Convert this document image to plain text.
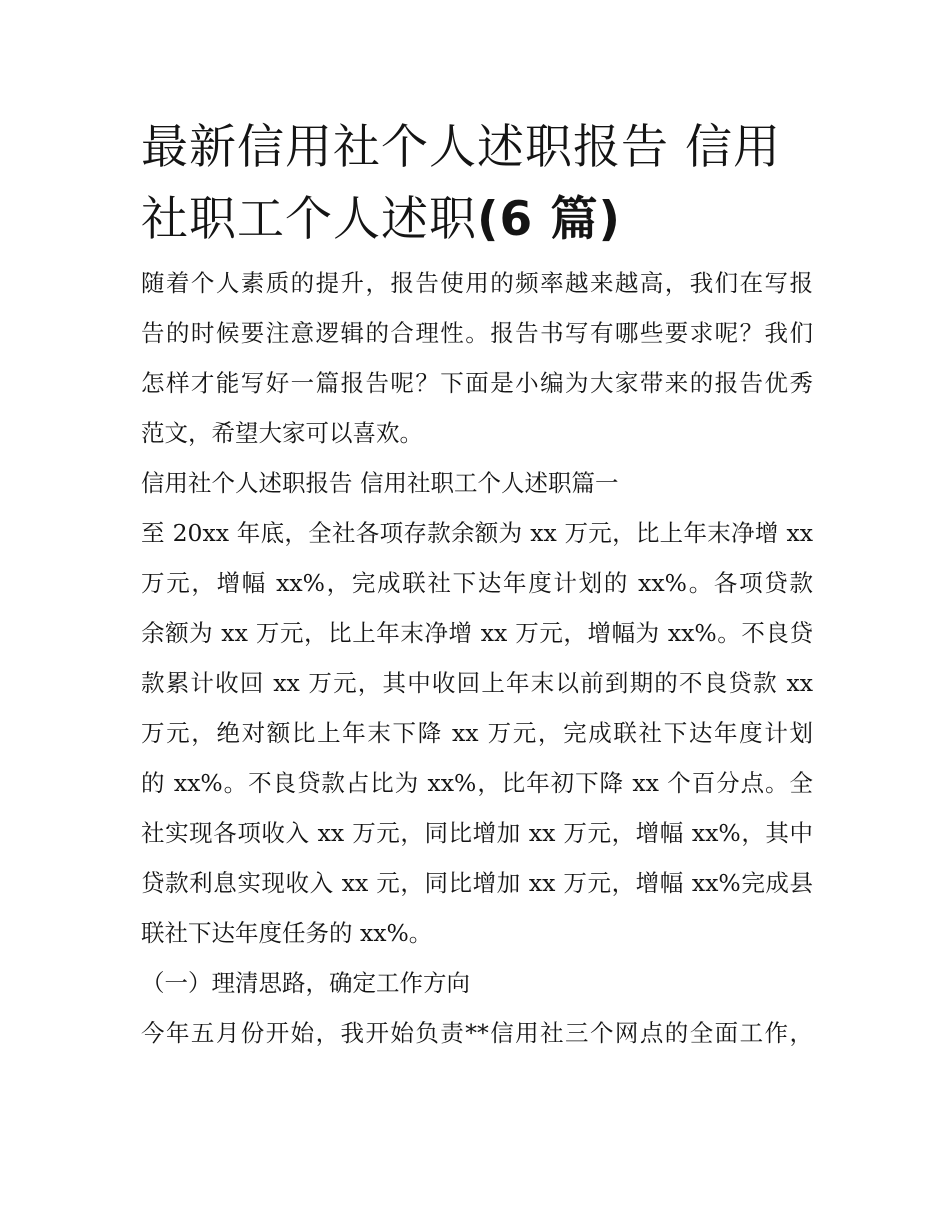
最新信用社个人述职报告 信用
社职工个人述职(6 篇)
随着个人素质的提升，报告使用的频率越来越高，我们在写报
告的时候要注意逻辑的合理性。报告书写有哪些要求呢？我们
怎样才能写好一篇报告呢？下面是小编为大家带来的报告优秀
范文，希望大家可以喜欢。
信用社个人述职报告 信用社职工个人述职篇一
至 20xx 年底，全社各项存款余额为 xx 万元，比上年末净增 xx
万元，增幅 xx%，完成联社下达年度计划的 xx%。各项贷款
余额为 xx 万元，比上年末净增 xx 万元，增幅为 xx%。不良贷
款累计收回 xx 万元，其中收回上年末以前到期的不良贷款 xx
万元，绝对额比上年末下降 xx 万元，完成联社下达年度计划
的 xx%。不良贷款占比为 xx%，比年初下降 xx 个百分点。全
社实现各项收入 xx 万元，同比增加 xx 万元，增幅 xx%，其中
贷款利息实现收入 xx 元，同比增加 xx 万元，增幅 xx%完成县
联社下达年度任务的 xx%。
（一）理清思路，确定工作方向
今年五月份开始，我开始负责**信用社三个网点的全面工作，
